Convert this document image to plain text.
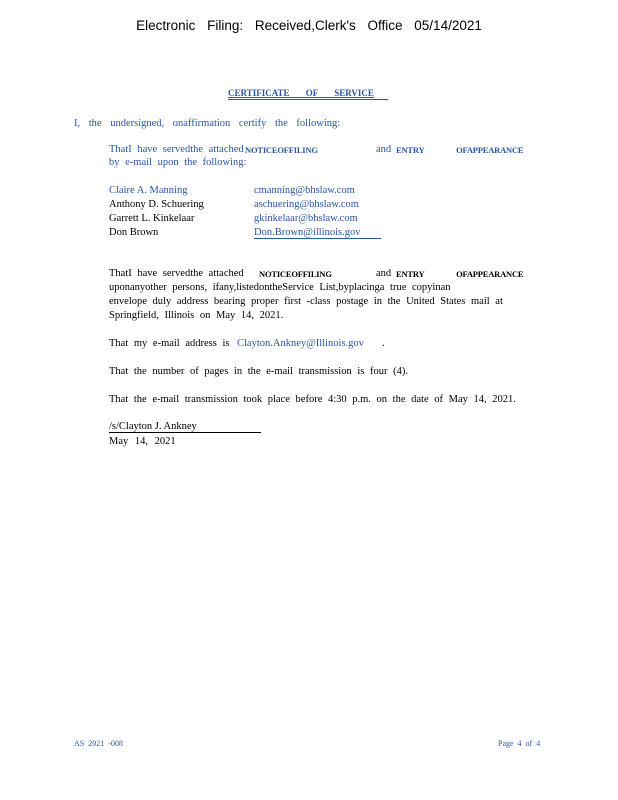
Electronic Filing: Received,Clerk's Office 05/14/2021
CERTIFICATE OF SERVICE
I, the undersigned, onaffirmation certify the following:
ThatI have servedthe attached NOTICEOFFILING	and ENTRY OFAPPEARANCE
by e-mail upon the following:
Claire A. Manning	cmanning@bhslaw.com
Anthony D. Schuering	aschuering@bhslaw.com
Garrett L. Kinkelaar	gkinkelaar@bhslaw.com
Don Brown	Don.Brown@illinois.gov
ThatI have servedthe attached NOTICEOFFILING	and ENTRY OFAPPEARANCE
uponanyother persons, ifany,listedontheService List,byplacinga true copyinan
envelope duly address bearing proper first -class postage in the United States mail at
Springfield, Illinois on May 14, 2021.
That my e-mail address is Clayton.Ankney@Illinois.gov .
That the number of pages in the e-mail transmission is four (4).
That the e-mail transmission took place before 4:30 p.m. on the date of May 14, 2021.
/s/Clayton J. Ankney
May 14, 2021
AS 2021 -008	Page 4 of 4
